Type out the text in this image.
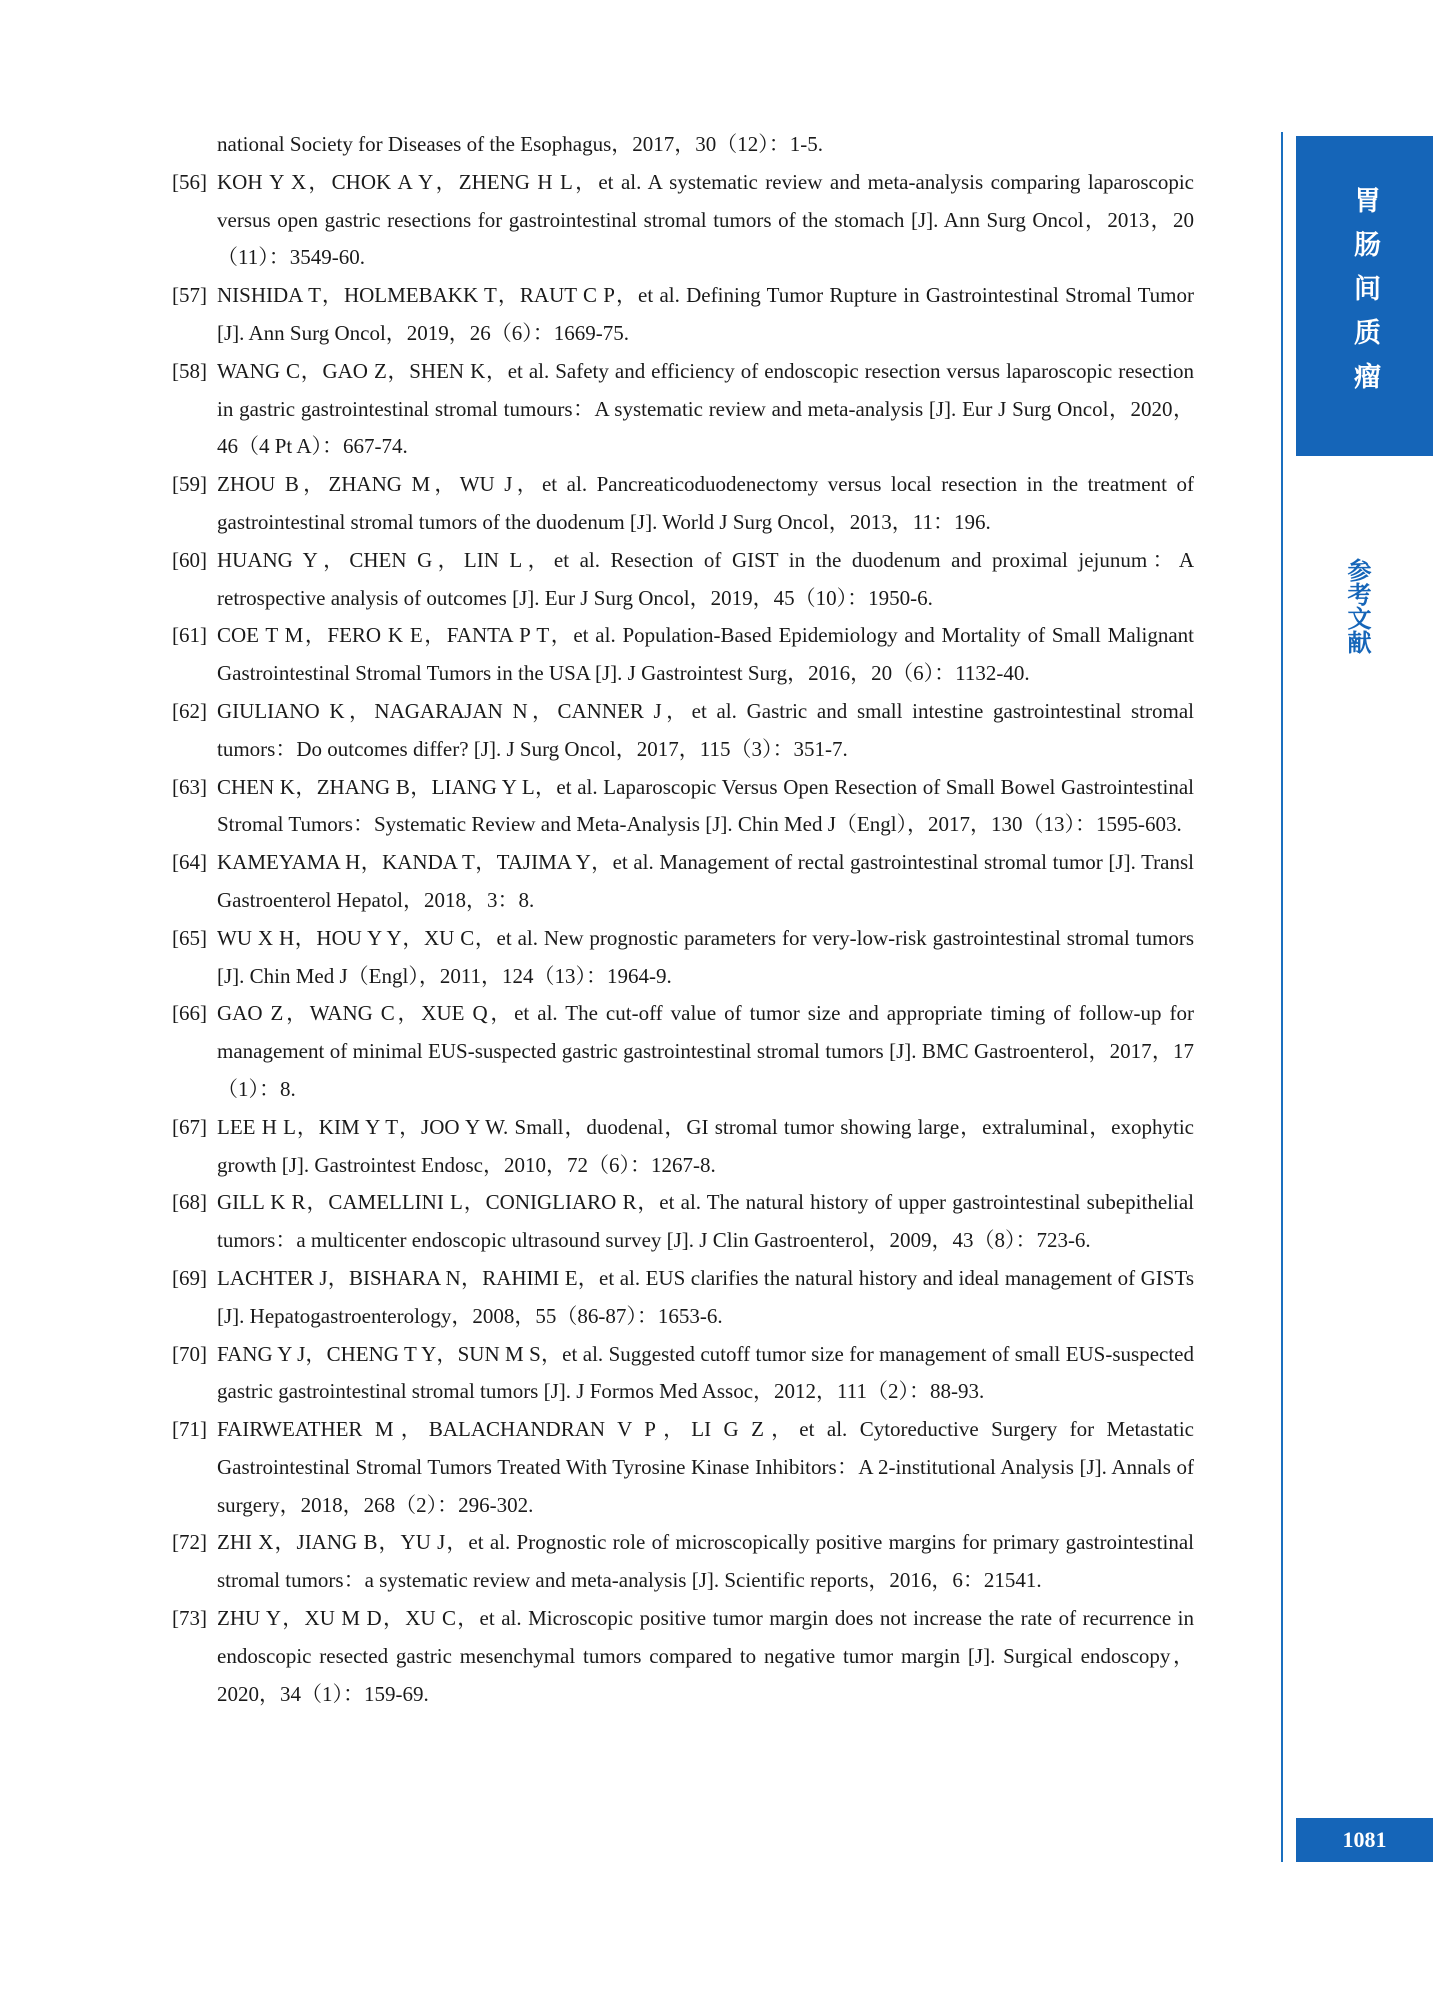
national Society for Diseases of the Esophagus，2017，30（12）：1-5.
[56] KOH Y X，CHOK A Y，ZHENG H L，et al. A systematic review and meta-analysis comparing laparoscopic versus open gastric resections for gastrointestinal stromal tumors of the stomach [J]. Ann Surg Oncol，2013，20（11）：3549-60.
[57] NISHIDA T，HOLMEBAKK T，RAUT C P，et al. Defining Tumor Rupture in Gastrointestinal Stromal Tumor [J]. Ann Surg Oncol，2019，26（6）：1669-75.
[58] WANG C，GAO Z，SHEN K，et al. Safety and efficiency of endoscopic resection versus laparoscopic resection in gastric gastrointestinal stromal tumours：A systematic review and meta-analysis [J]. Eur J Surg Oncol，2020，46（4 Pt A）：667-74.
[59] ZHOU B，ZHANG M，WU J，et al. Pancreaticoduodenectomy versus local resection in the treatment of gastrointestinal stromal tumors of the duodenum [J]. World J Surg Oncol，2013，11：196.
[60] HUANG Y，CHEN G，LIN L，et al. Resection of GIST in the duodenum and proximal jejunum：A retrospective analysis of outcomes [J]. Eur J Surg Oncol，2019，45（10）：1950-6.
[61] COE T M，FERO K E，FANTA P T，et al. Population-Based Epidemiology and Mortality of Small Malignant Gastrointestinal Stromal Tumors in the USA [J]. J Gastrointest Surg，2016，20（6）：1132-40.
[62] GIULIANO K，NAGARAJAN N，CANNER J，et al. Gastric and small intestine gastrointestinal stromal tumors：Do outcomes differ? [J]. J Surg Oncol，2017，115（3）：351-7.
[63] CHEN K，ZHANG B，LIANG Y L，et al. Laparoscopic Versus Open Resection of Small Bowel Gastrointestinal Stromal Tumors：Systematic Review and Meta-Analysis [J]. Chin Med J（Engl），2017，130（13）：1595-603.
[64] KAMEYAMA H，KANDA T，TAJIMA Y，et al. Management of rectal gastrointestinal stromal tumor [J]. Transl Gastroenterol Hepatol，2018，3：8.
[65] WU X H，HOU Y Y，XU C，et al. New prognostic parameters for very-low-risk gastrointestinal stromal tumors [J]. Chin Med J（Engl），2011，124（13）：1964-9.
[66] GAO Z，WANG C，XUE Q，et al. The cut-off value of tumor size and appropriate timing of follow-up for management of minimal EUS-suspected gastric gastrointestinal stromal tumors [J]. BMC Gastroenterol，2017，17（1）：8.
[67] LEE H L，KIM Y T，JOO Y W. Small，duodenal，GI stromal tumor showing large，extraluminal，exophytic growth [J]. Gastrointest Endosc，2010，72（6）：1267-8.
[68] GILL K R，CAMELLINI L，CONIGLIARO R，et al. The natural history of upper gastrointestinal subepithelial tumors：a multicenter endoscopic ultrasound survey [J]. J Clin Gastroenterol，2009，43（8）：723-6.
[69] LACHTER J，BISHARA N，RAHIMI E，et al. EUS clarifies the natural history and ideal management of GISTs [J]. Hepatogastroenterology，2008，55（86-87）：1653-6.
[70] FANG Y J，CHENG T Y，SUN M S，et al. Suggested cutoff tumor size for management of small EUS-suspected gastric gastrointestinal stromal tumors [J]. J Formos Med Assoc，2012，111（2）：88-93.
[71] FAIRWEATHER M，BALACHANDRAN V P，LI G Z，et al. Cytoreductive Surgery for Metastatic Gastrointestinal Stromal Tumors Treated With Tyrosine Kinase Inhibitors：A 2-institutional Analysis [J]. Annals of surgery，2018，268（2）：296-302.
[72] ZHI X，JIANG B，YU J，et al. Prognostic role of microscopically positive margins for primary gastrointestinal stromal tumors：a systematic review and meta-analysis [J]. Scientific reports，2016，6：21541.
[73] ZHU Y，XU M D，XU C，et al. Microscopic positive tumor margin does not increase the rate of recurrence in endoscopic resected gastric mesenchymal tumors compared to negative tumor margin [J]. Surgical endoscopy，2020，34（1）：159-69.
胃肠间质瘤
参考文献
1081
